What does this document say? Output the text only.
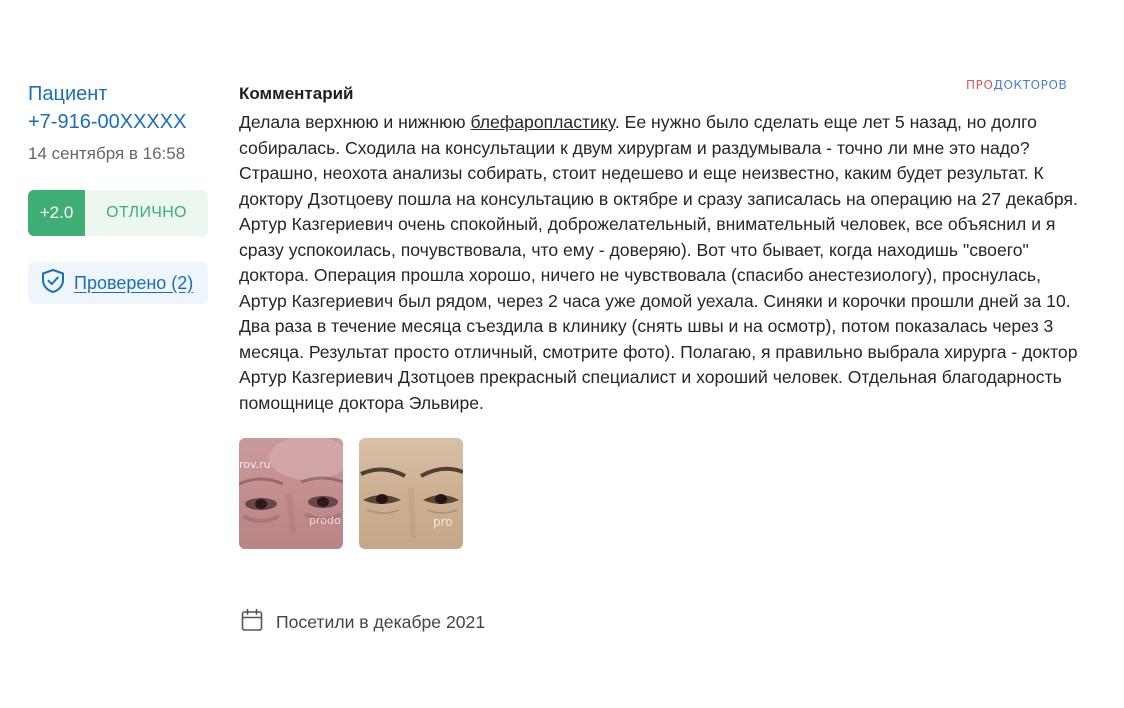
Пациент
+7-916-00XXXXX
14 сентября в 16:58
+2.0	ОТЛИЧНО
Проверено (2)
ПРОДОКТОРОВ
Комментарий
Делала верхнюю и нижнюю блефаропластику. Ее нужно было сделать еще лет 5 назад, но долго собиралась. Сходила на консультации к двум хирургам и раздумывала - точно ли мне это надо? Страшно, неохота анализы собирать, стоит недешево и еще неизвестно, каким будет результат. К доктору Дзотцоеву пошла на консультацию в октябре и сразу записалась на операцию на 27 декабря. Артур Казгериевич очень спокойный, доброжелательный, внимательный человек, все объяснил и я сразу успокоилась, почувствовала, что ему - доверяю). Вот что бывает, когда находишь "своего" доктора. Операция прошла хорошо, ничего не чувствовала (спасибо анестезиологу), проснулась, Артур Казгериевич был рядом, через 2 часа уже домой уехала. Синяки и корочки прошли дней за 10. Два раза в течение месяца съездила в клинику (снять швы и на осмотр), потом показалась через 3 месяца. Результат просто отличный, смотрите фото). Полагаю, я правильно выбрала хирурга - доктор Артур Казгериевич Дзотцоев прекрасный специалист и хороший человек. Отдельная благодарность помощнице доктора Эльвире.
rov.ru
prodo	pro
Посетили в декабре 2021
